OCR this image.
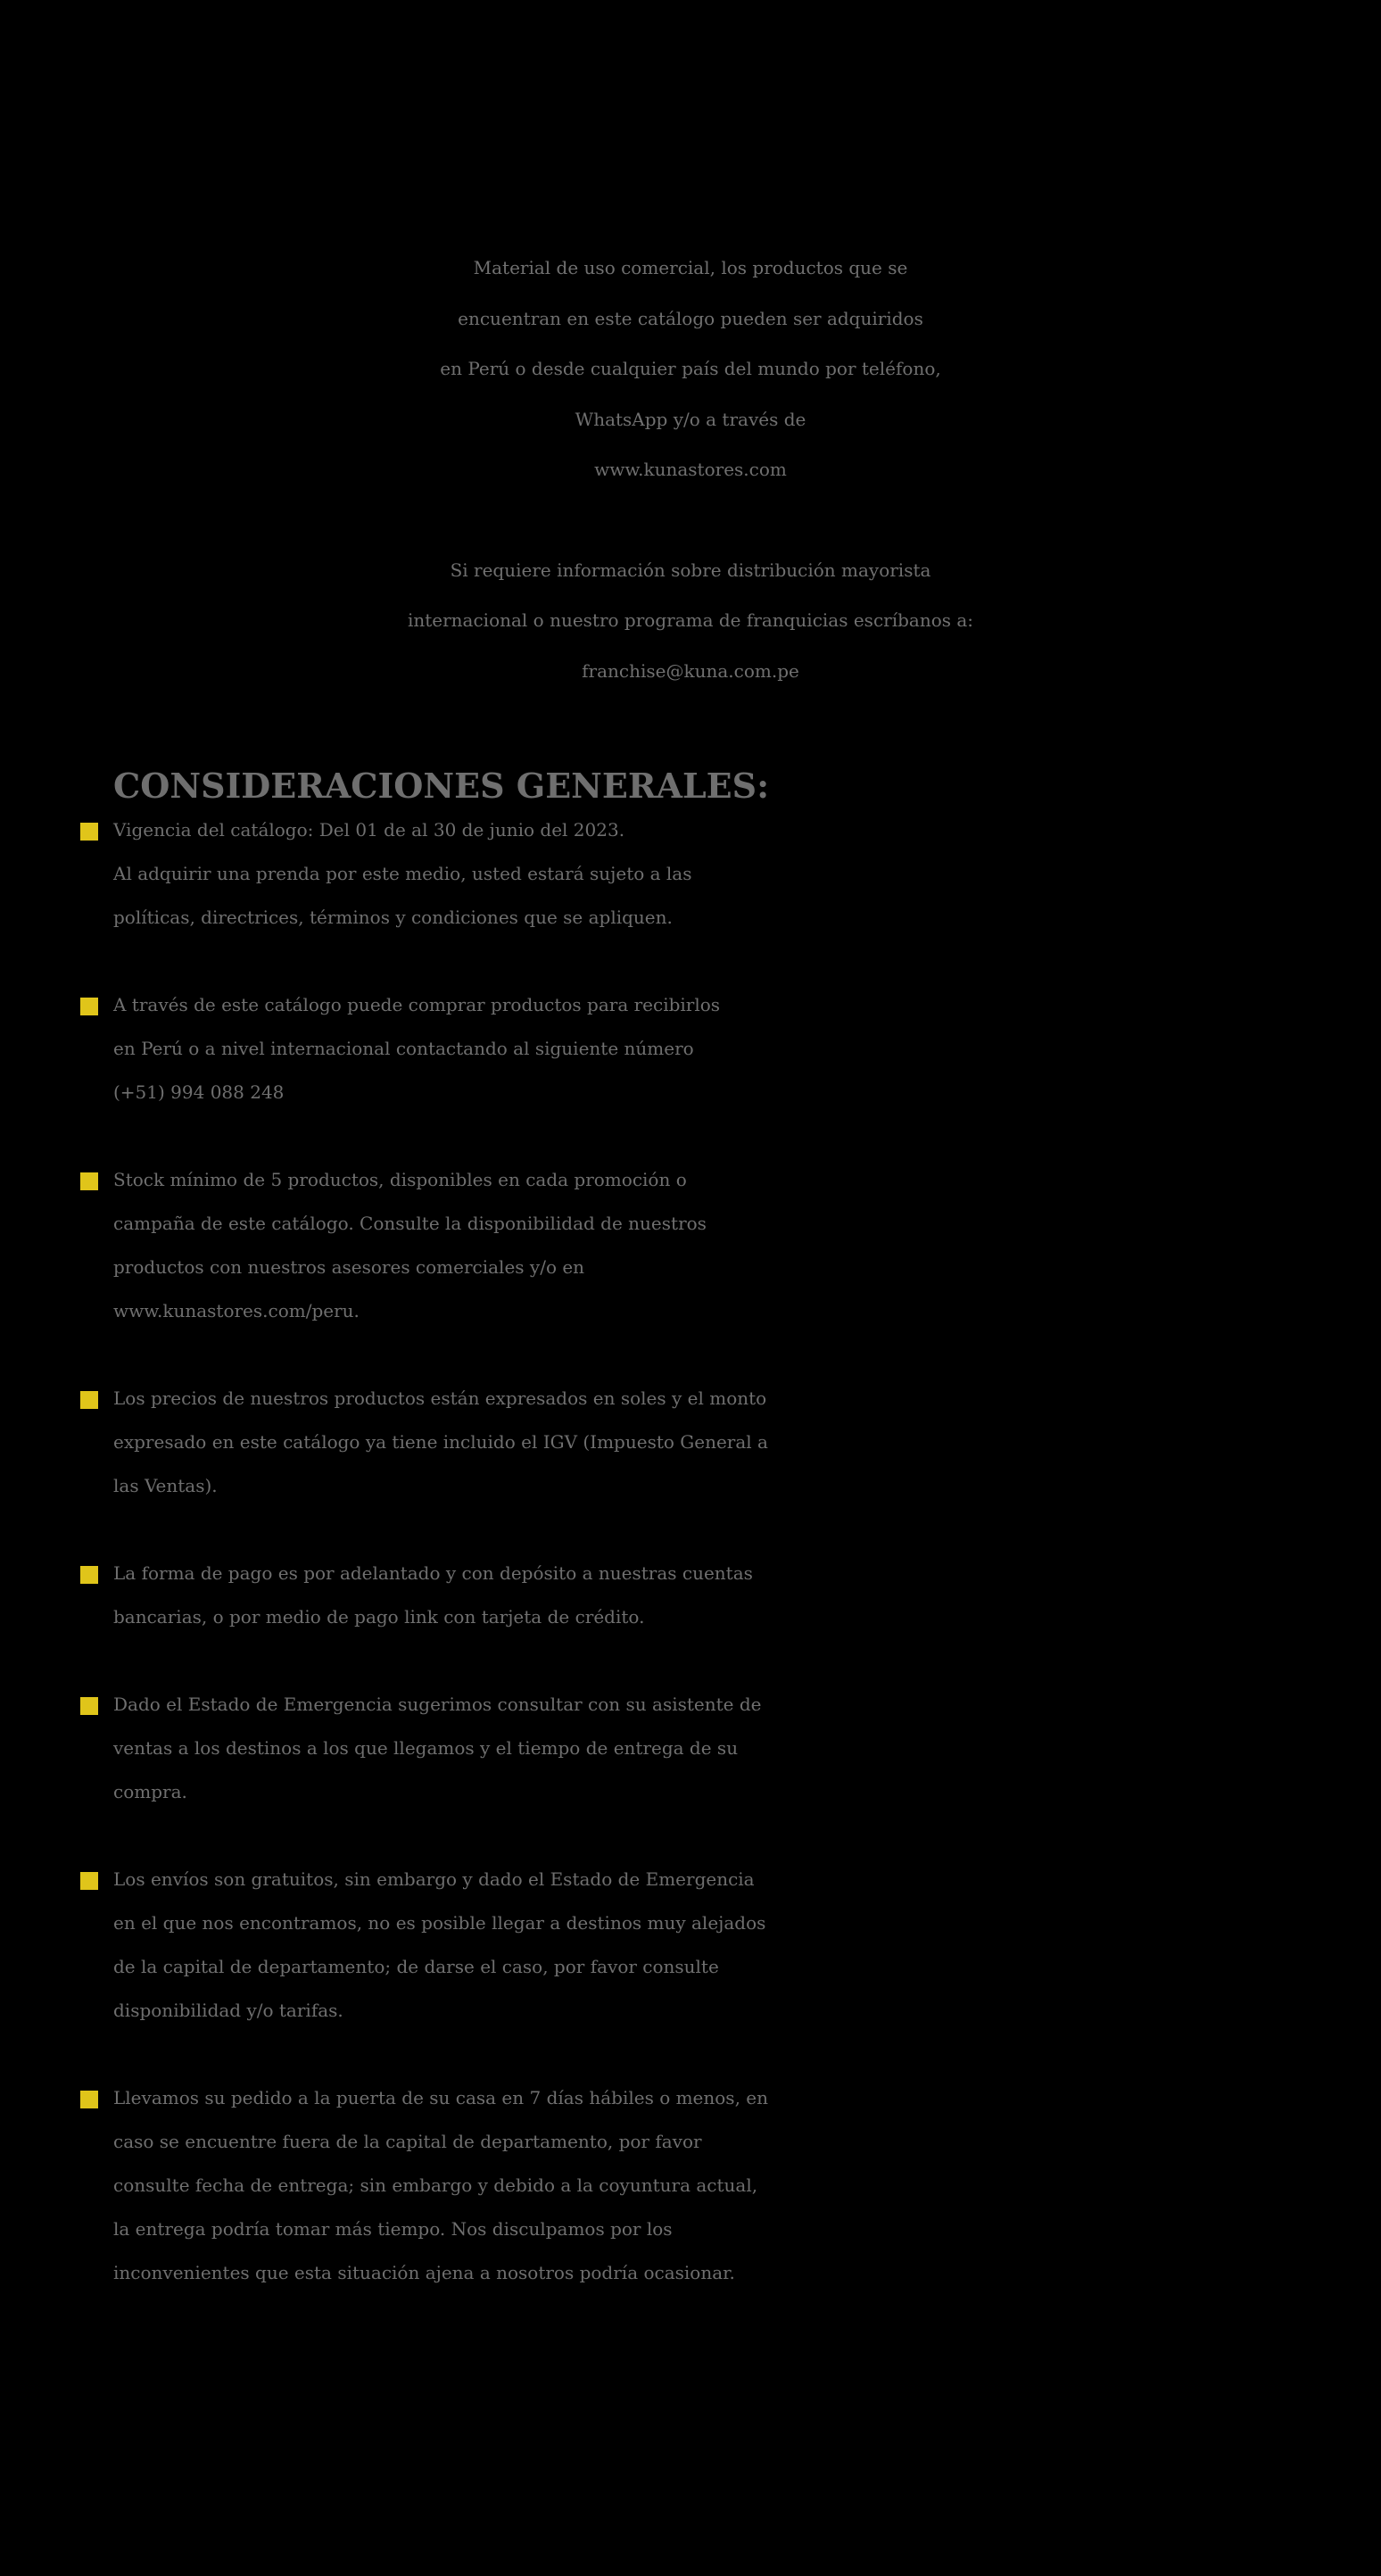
Material de uso comercial, los productos que se

encuentran en este catálogo pueden ser adquiridos

en Perú o desde cualquier país del mundo por teléfono,

WhatsApp y/o a través de

www.kunastores.com

Si requiere información sobre distribución mayorista

internacional o nuestro programa de franquicias escríbanos a:

franchise@kuna.com.pe

CONSIDERACIONES GENERALES:

Vigencia del catálogo: Del 01 de al 30 de junio del 2023.

Al adquirir una prenda por este medio, usted estará sujeto a las

políticas, directrices, términos y condiciones que se apliquen.

A través de este catálogo puede comprar productos para recibirlos

en Perú o a nivel internacional contactando al siguiente número

(+51) 994 088 248

Stock mínimo de 5 productos, disponibles en cada promoción o

campaña de este catálogo. Consulte la disponibilidad de nuestros

productos con nuestros asesores comerciales y/o en

www.kunastores.com/peru.

Los precios de nuestros productos están expresados en soles y el monto

expresado en este catálogo ya tiene incluido el IGV (Impuesto General a

las Ventas).

La forma de pago es por adelantado y con depósito a nuestras cuentas

bancarias, o por medio de pago link con tarjeta de crédito.

Dado el Estado de Emergencia sugerimos consultar con su asistente de

ventas a los destinos a los que llegamos y el tiempo de entrega de su

compra.

Los envíos son gratuitos, sin embargo y dado el Estado de Emergencia

en el que nos encontramos, no es posible llegar a destinos muy alejados

de la capital de departamento; de darse el caso, por favor consulte

disponibilidad y/o tarifas.

Llevamos su pedido a la puerta de su casa en 7 días hábiles o menos, en

caso se encuentre fuera de la capital de departamento, por favor

consulte fecha de entrega; sin embargo y debido a la coyuntura actual,

la entrega podría tomar más tiempo. Nos disculpamos por los

inconvenientes que esta situación ajena a nosotros podría ocasionar.
